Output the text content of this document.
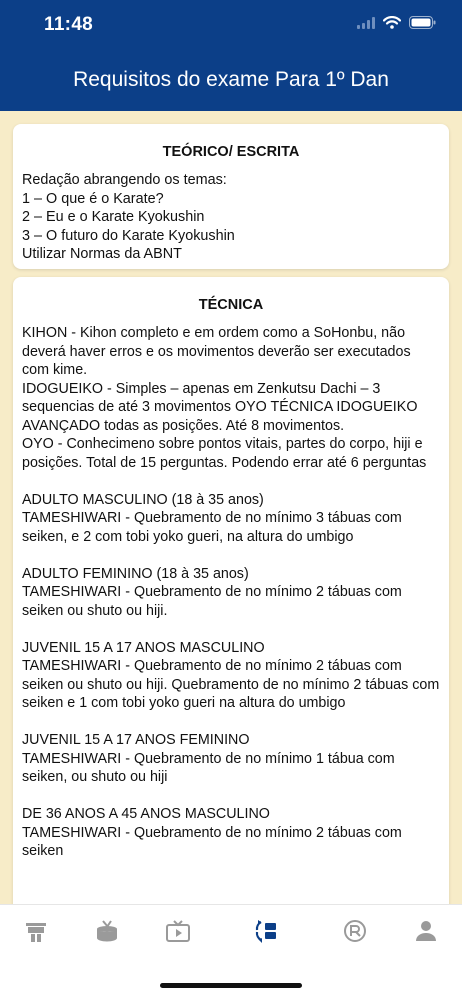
11:48
Requisitos do exame Para 1º Dan
TEÓRICO/ ESCRITA
Redação abrangendo os temas:
1 – O que é o Karate?
2 – Eu e o Karate Kyokushin
3 – O futuro do Karate Kyokushin
Utilizar Normas da ABNT
TÉCNICA
KIHON - Kihon completo e em ordem como a SoHonbu, não deverá haver erros e os movimentos deverão ser executados com kime.
IDOGUEIKO - Simples – apenas em Zenkutsu Dachi – 3 sequencias de até 3 movimentos OYO TÉCNICA IDOGUEIKO AVANÇADO todas as posições. Até 8 movimentos.
OYO - Conhecimeno sobre pontos vitais, partes do corpo, hiji e posições. Total de 15 perguntas. Podendo errar até 6 perguntas

ADULTO MASCULINO (18 à 35 anos)
TAMESHIWARI - Quebramento de no mínimo 3 tábuas com seiken, e 2 com tobi yoko gueri, na altura do umbigo

ADULTO FEMININO (18 à 35 anos)
TAMESHIWARI - Quebramento de no mínimo 2 tábuas com seiken ou shuto ou hiji.

JUVENIL 15 A 17 ANOS MASCULINO
TAMESHIWARI - Quebramento de no mínimo 2 tábuas com seiken ou shuto ou hiji. Quebramento de no mínimo 2 tábuas com seiken e 1 com tobi yoko gueri na altura do umbigo

JUVENIL 15 A 17 ANOS FEMININO
TAMESHIWARI - Quebramento de no mínimo 1 tábua com seiken, ou shuto ou hiji

DE 36 ANOS A 45 ANOS MASCULINO
TAMESHIWARI - Quebramento de no mínimo 2 tábuas com seiken
